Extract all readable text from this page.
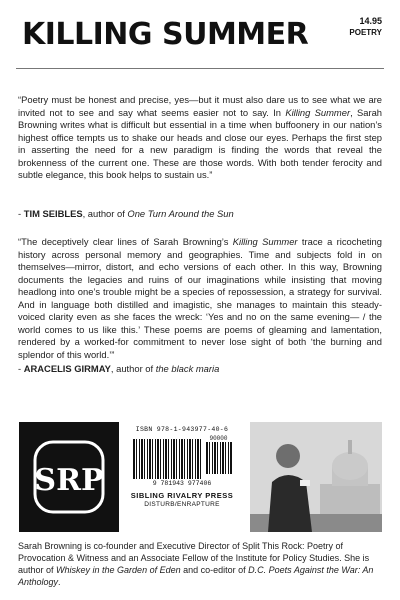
KILLING SUMMER	14.95
POETRY

“Poetry must be honest and precise, yes—but it must also dare us to see what we are invited not to see and say what seems easier not to say. In Killing Summer, Sarah Browning writes what is difficult but essential in a time when buffoonery in our nation’s highest office tempts us to shake our heads and close our eyes. Perhaps the first step in asserting the need for a new paradigm is finding the words that reveal the brokenness of the current one. These are those words. With both tender ferocity and subtle elegance, this book helps to sustain us.”

- TIM SEIBLES, author of One Turn Around the Sun

“The deceptively clear lines of Sarah Browning’s Killing Summer trace a ricocheting history across personal memory and geographies. Time and subjects fold in on themselves—mirror, distort, and echo versions of each other. In this way, Browning documents the legacies and ruins of our imaginations while insisting that moving headlong into one’s trouble might be a species of repossession, a strategy for survival. And in language both distilled and imagistic, she manages to maintain this steady-voiced clarity even as she faces the wreck: ‘Yes and no on the same evening— / the world comes to us like this.’ These poems are poems of gleaming and lamentation, rendered by a worked-for commitment to never lose sight of both ‘the burning and splendor of this world.’”

- ARACELIS GIRMAY, author of the black maria

SRP
ISBN 978-1-943977-40-6
90000
9 781943 977406
SIBLING RIVALRY PRESS
DISTURB/ENRAPTURE

Sarah Browning is co-founder and Executive Director of Split This Rock: Poetry of Provocation & Witness and an Associate Fellow of the Institute for Policy Studies. She is author of Whiskey in the Garden of Eden and co-editor of D.C. Poets Against the War: An Anthology.
